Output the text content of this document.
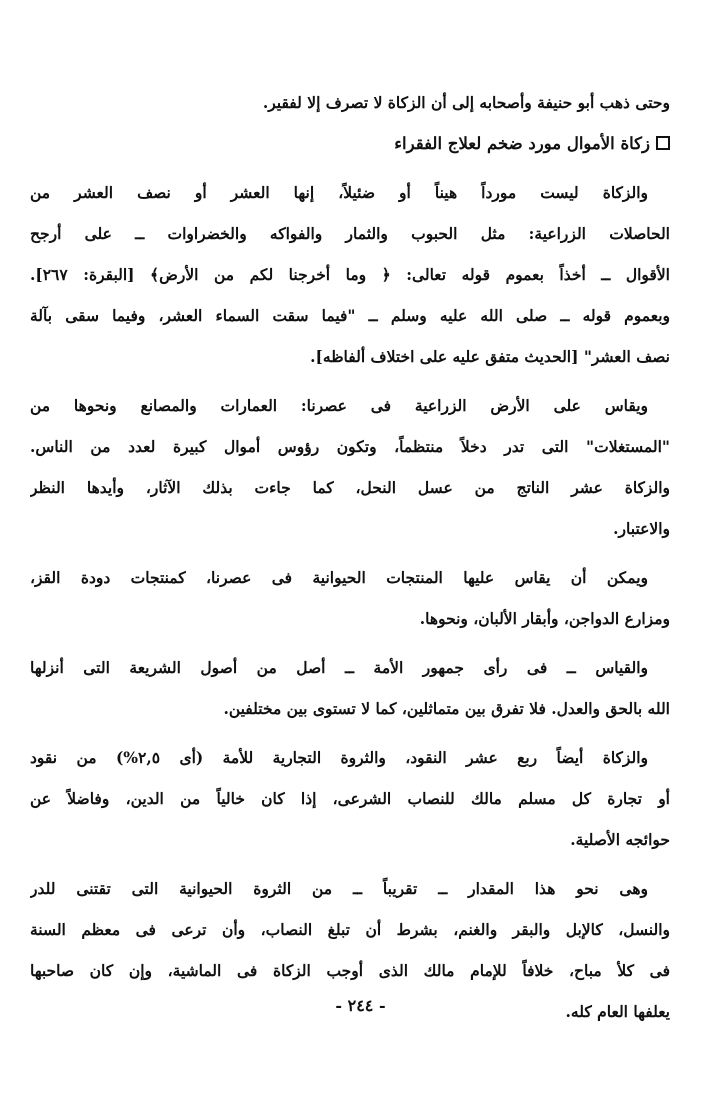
وحتى ذهب أبو حنيفة وأصحابه إلى أن الزكاة لا تصرف إلا لفقير.
زكاة الأموال مورد ضخم لعلاج الفقراء
والزكاة ليست مورداً هيناً أو ضئيلاً، إنها العشر أو نصف العشر من
الحاصلات الزراعية: مثل الحبوب والثمار والفواكه والخضراوات ــ على أرجح
الأقوال ــ أخذاً بعموم قوله تعالى: ﴿ وما أخرجنا لكم من الأرض﴾ [البقرة: ٢٦٧].
وبعموم قوله ــ صلى الله عليه وسلم ــ "فيما سقت السماء العشر، وفيما سقى بآلة
نصف العشر" [الحديث متفق عليه على اختلاف ألفاظه].
ويقاس على الأرض الزراعية فى عصرنا: العمارات والمصانع ونحوها من
"المستغلات" التى تدر دخلاً منتظماً، وتكون رؤوس أموال كبيرة لعدد من الناس.
والزكاة عشر الناتج من عسل النحل، كما جاءت بذلك الآثار، وأيدها النظر
والاعتبار.
ويمكن أن يقاس عليها المنتجات الحيوانية فى عصرنا، كمنتجات دودة القز،
ومزارع الدواجن، وأبقار الألبان، ونحوها.
والقياس ــ فى رأى جمهور الأمة ــ أصل من أصول الشريعة التى أنزلها
الله بالحق والعدل. فلا تفرق بين متماثلين، كما لا تستوى بين مختلفين.
والزكاة أيضاً ربع عشر النقود، والثروة التجارية للأمة (أى ٢,٥%) من نقود
أو تجارة كل مسلم مالك للنصاب الشرعى، إذا كان خالياً من الدين، وفاضلاً عن
حوائجه الأصلية.
وهى نحو هذا المقدار ــ تقريباً ــ من الثروة الحيوانية التى تقتنى للدر
والنسل، كالإبل والبقر والغنم، بشرط أن تبلغ النصاب، وأن ترعى فى معظم السنة
فى كلأ مباح، خلافاً للإمام مالك الذى أوجب الزكاة فى الماشية، وإن كان صاحبها
يعلفها العام كله.
- ٢٤٤ -
